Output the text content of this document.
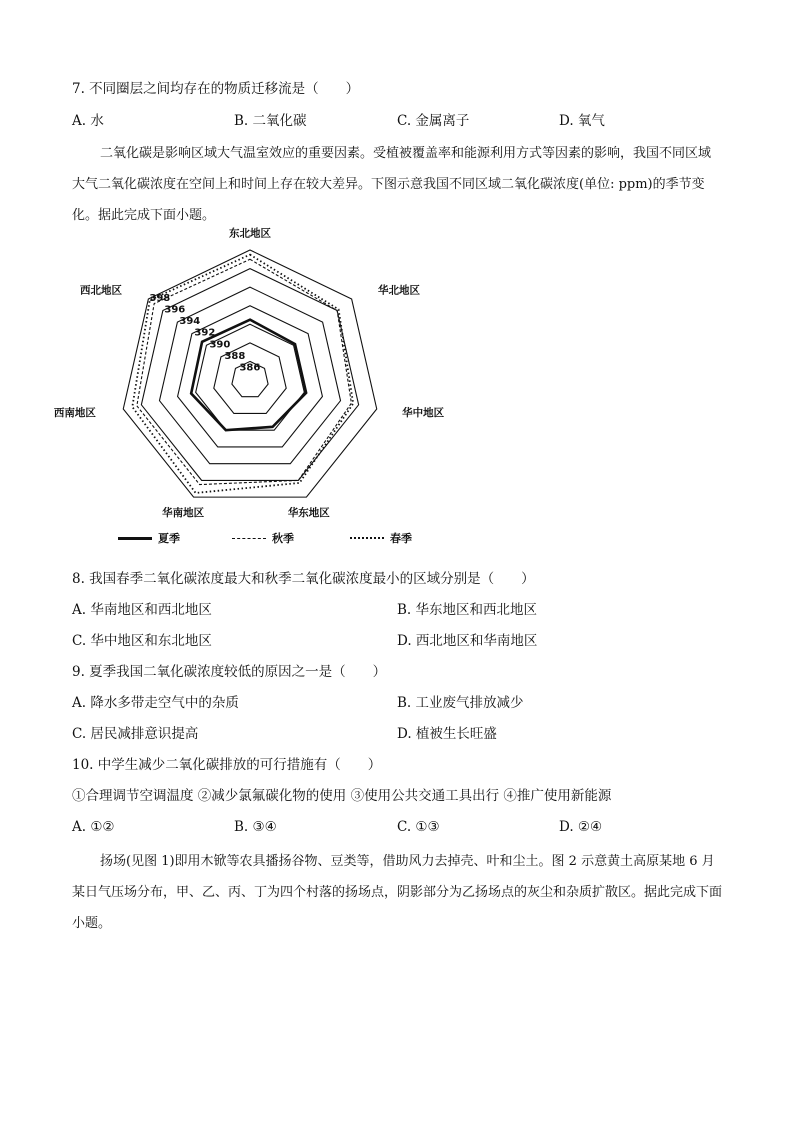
7. 不同圈层之间均存在的物质迁移流是（　　）
A. 水	B. 二氧化碳	C. 金属离子	D. 氧气
二氧化碳是影响区域大气温室效应的重要因素。受植被覆盖率和能源利用方式等因素的影响，我国不同区域大气二氧化碳浓度在空间上和时间上存在较大差异。下图示意我国不同区域二氧化碳浓度(单位: ppm)的季节变化。据此完成下面小题。
386
388
390
392
394
396
398
东北地区
华北地区
华中地区
华东地区
华南地区
西南地区
西北地区
夏季	秋季	春季
8. 我国春季二氧化碳浓度最大和秋季二氧化碳浓度最小的区域分别是（　　）
A. 华南地区和西北地区	B. 华东地区和西北地区
C. 华中地区和东北地区	D. 西北地区和华南地区
9. 夏季我国二氧化碳浓度较低的原因之一是（　　）
A. 降水多带走空气中的杂质	B. 工业废气排放减少
C. 居民减排意识提高	D. 植被生长旺盛
10. 中学生减少二氧化碳排放的可行措施有（　　）
①合理调节空调温度 ②减少氯氟碳化物的使用 ③使用公共交通工具出行 ④推广使用新能源
A. ①②	B. ③④	C. ①③	D. ②④
扬场(见图 1)即用木锨等农具播扬谷物、豆类等，借助风力去掉壳、叶和尘土。图 2 示意黄土高原某地 6 月某日气压场分布，甲、乙、丙、丁为四个村落的扬场点，阴影部分为乙扬场点的灰尘和杂质扩散区。据此完成下面小题。
